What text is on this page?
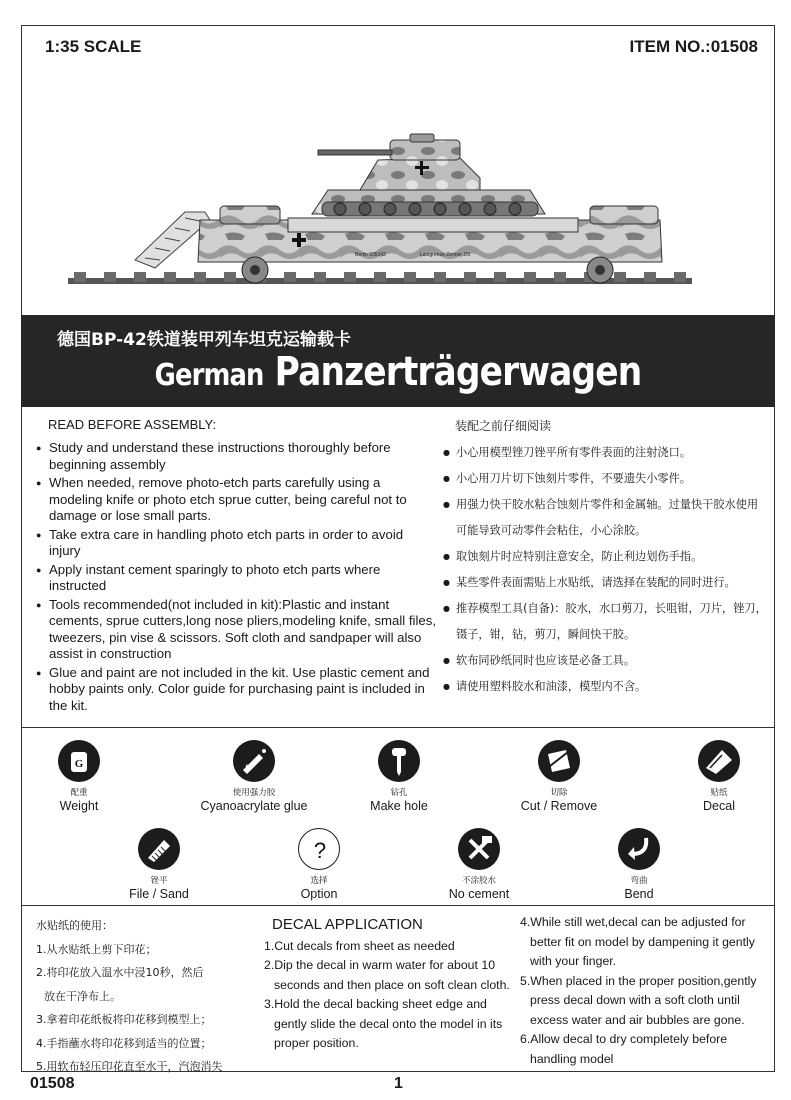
1:35 SCALE	ITEM NO.:01508
Berlin 935142	Lastgrenze Zenner 25t
德国BP-42铁道装甲列车坦克运输载卡
German Panzerträgerwagen
READ BEFORE ASSEMBLY:
● Study and understand these instructions thoroughly before beginning assembly
● When needed, remove photo-etch parts carefully using a modeling knife or photo etch sprue cutter, being careful not to damage or lose small parts.
● Take extra care in handling photo etch parts in order to avoid injury
● Apply instant cement sparingly to photo etch parts where instructed
● Tools recommended(not included in kit):Plastic and instant cements, sprue cutters,long nose pliers,modeling knife, small files, tweezers, pin vise & scissors. Soft cloth and sandpaper will also assist in construction
● Glue and paint are not included in the kit. Use plastic cement and hobby paints only. Color guide for purchasing paint is included in the kit.
装配之前仔细阅读
● 小心用模型锉刀锉平所有零件表面的注射浇口。
● 小心用刀片切下蚀刻片零件，不要遗失小零件。
● 用强力快干胶水粘合蚀刻片零件和金属轴。过量快干胶水使用可能导致可动零件会粘住，小心涂胶。
● 取蚀刻片时应特别注意安全，防止利边划伤手指。
● 某些零件表面需贴上水贴纸，请选择在装配的同时进行。
● 推荐模型工具(自备)：胶水，水口剪刀，长咀钳，刀片，锉刀，镊子，钳，钻，剪刀，瞬间快干胶。
● 软布同砂纸同时也应该是必备工具。
● 请使用塑料胶水和油漆，模型内不含。
G
配重
Weight
使用强力胶
Cyanoacrylate glue
钻孔
Make hole
切除
Cut / Remove
贴纸
Decal
锉平
File / Sand
?
选择
Option
不涂胶水
No cement
弯曲
Bend

水贴纸的使用：

1.从水贴纸上剪下印花；

2.将印花放入温水中浸10秒，然后

放在干净布上。

3.拿着印花纸板将印花移到模型上；

4.手指蘸水将印花移到适当的位置；

5.用软布轻压印花直至水干，汽泡消失

DECAL APPLICATION

1.Cut decals from sheet as needed

2.Dip the decal in warm water for about 10 seconds and then place on soft clean cloth.

3.Hold the decal backing sheet edge and gently slide the decal onto the model in its proper position.

4.While still wet,decal can be adjusted for better fit on model by dampening it gently with your finger.

5.When placed in the proper position,gently press decal down with a soft cloth until excess water and air bubbles are gone.

6.Allow decal to dry completely before handling model

01508	1
